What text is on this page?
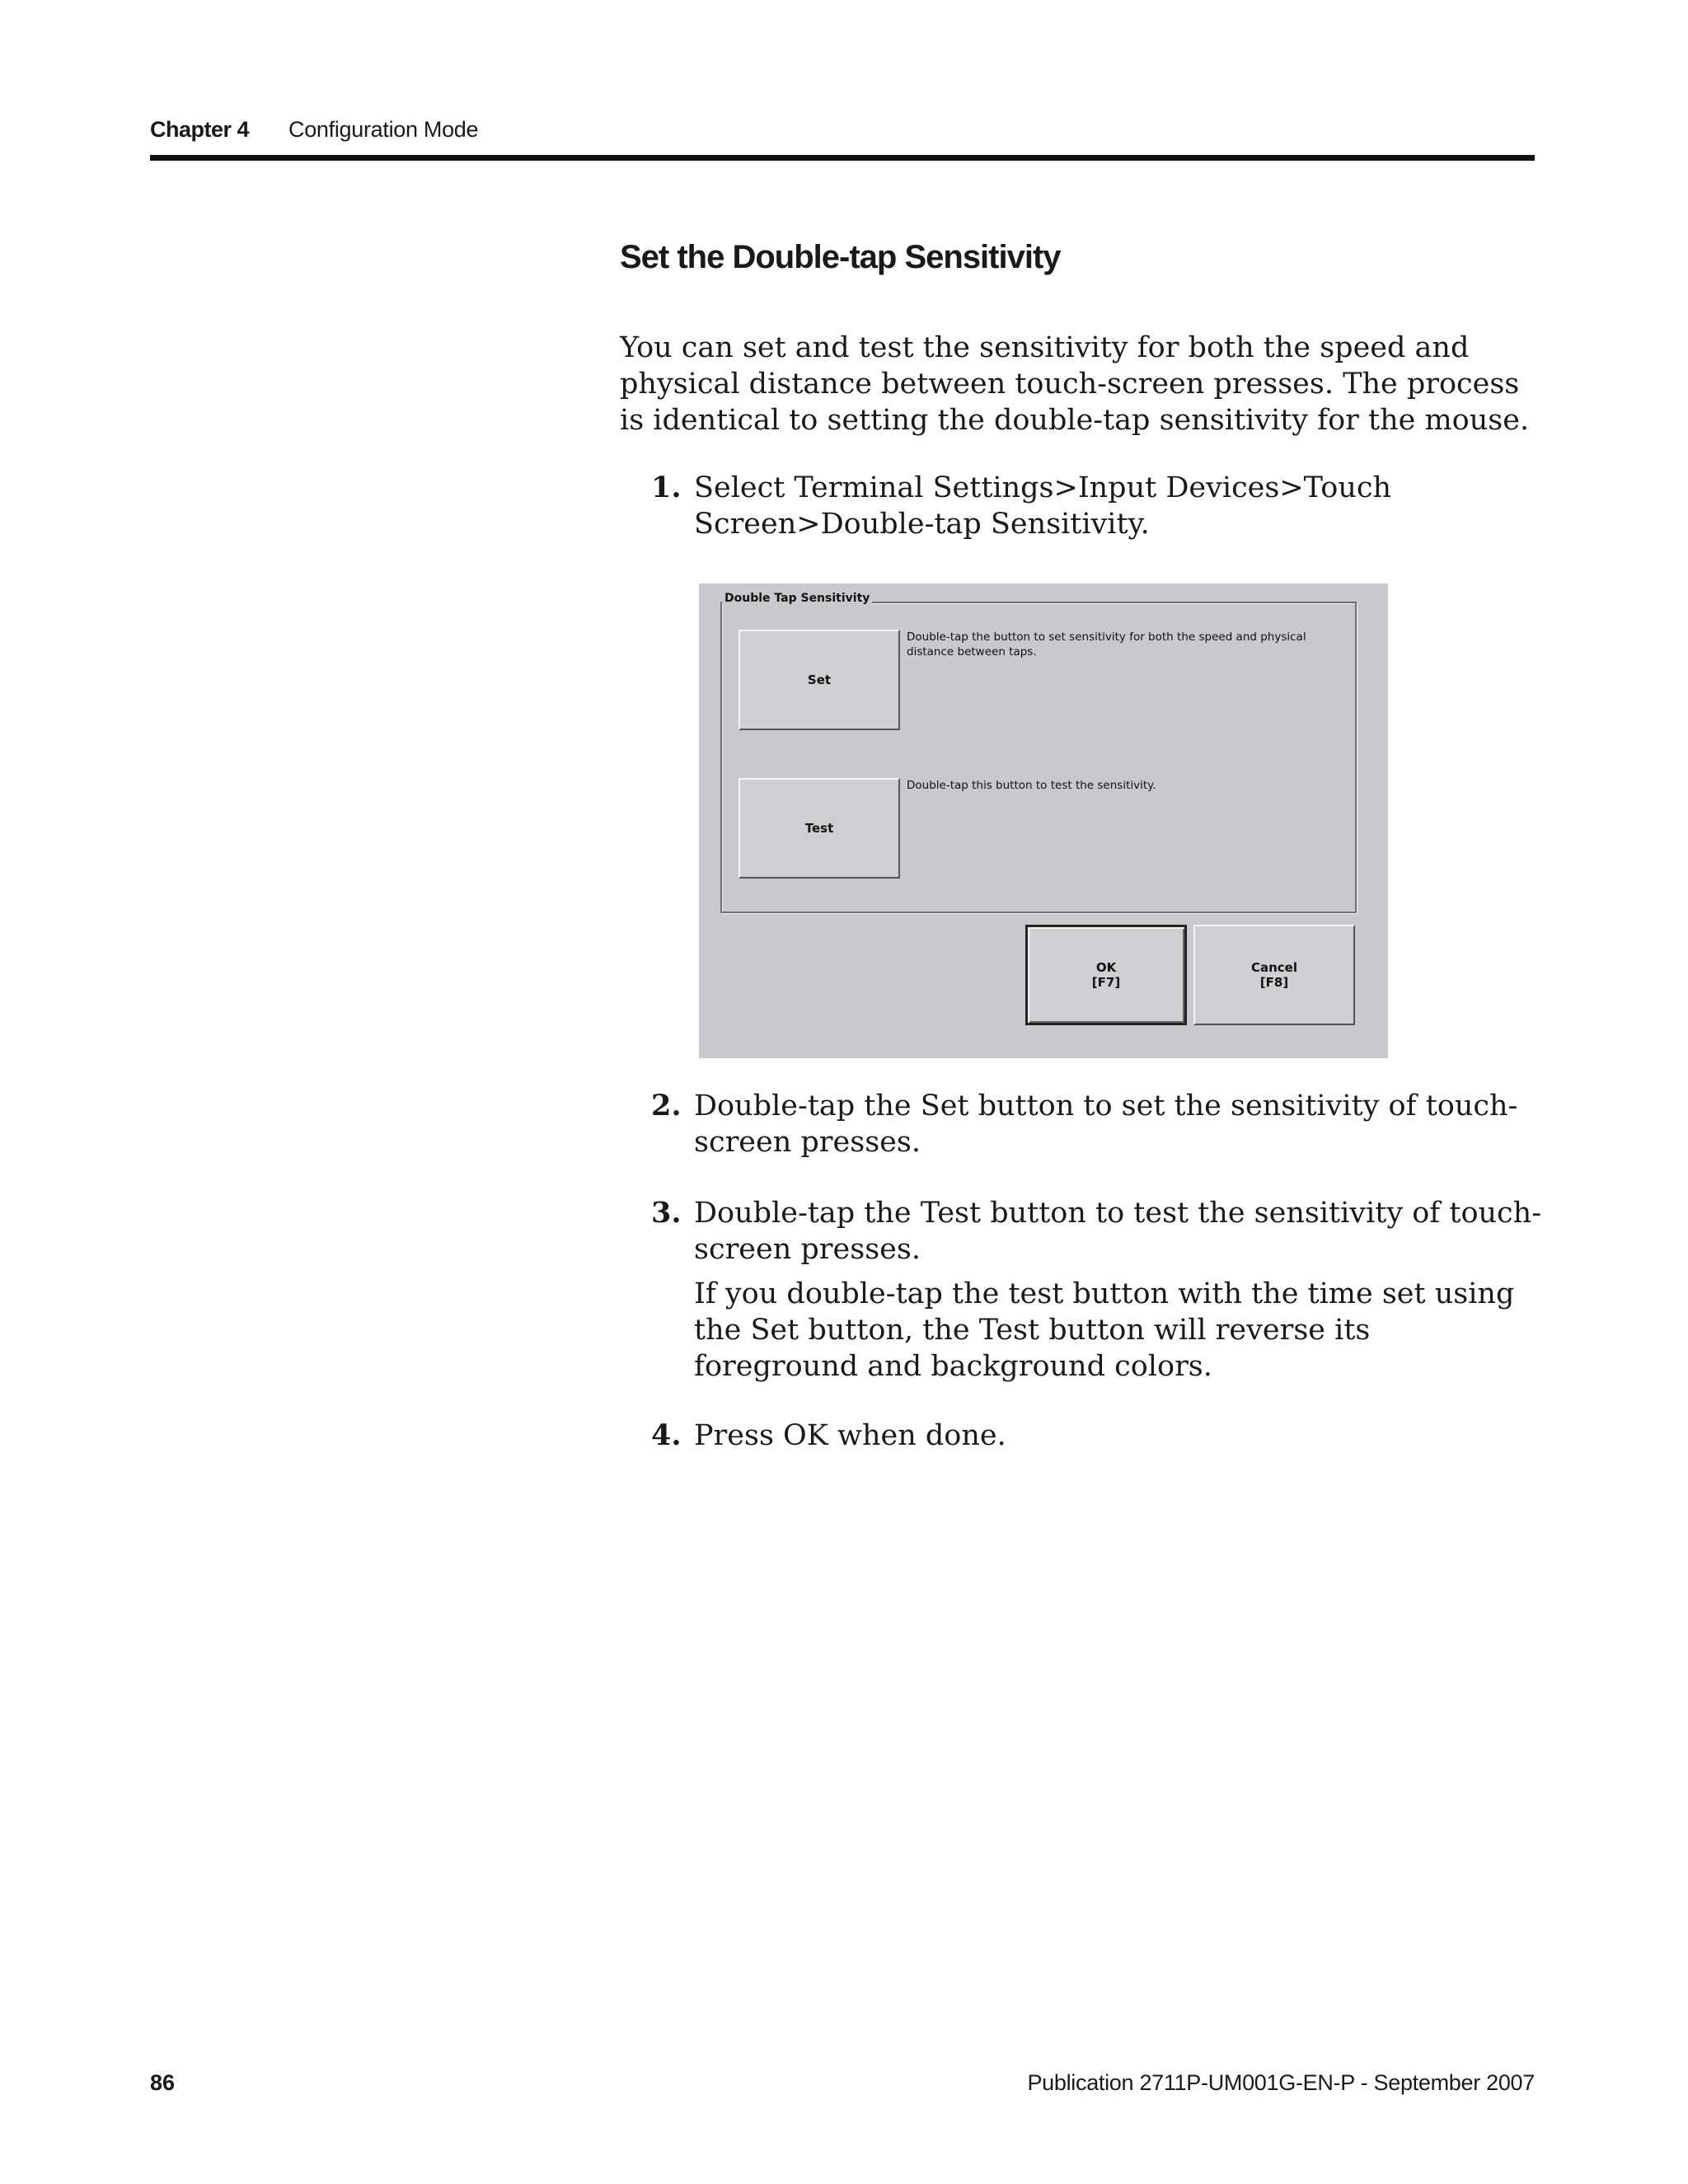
Chapter 4 Configuration Mode
Set the Double-tap Sensitivity
You can set and test the sensitivity for both the speed and physical distance between touch-screen presses. The process is identical to setting the double-tap sensitivity for the mouse.
1. Select Terminal Settings>Input Devices>Touch Screen>Double-tap Sensitivity.
Double Tap Sensitivity
Set
Double-tap the button to set sensitivity for both the speed and physical distance between taps.
Test
Double-tap this button to test the sensitivity.
OK
[F7]
Cancel
[F8]
2. Double-tap the Set button to set the sensitivity of touch-screen presses.
3. Double-tap the Test button to test the sensitivity of touch-screen presses.
If you double-tap the test button with the time set using the Set button, the Test button will reverse its foreground and background colors.
4. Press OK when done.
86	Publication 2711P-UM001G-EN-P - September 2007
